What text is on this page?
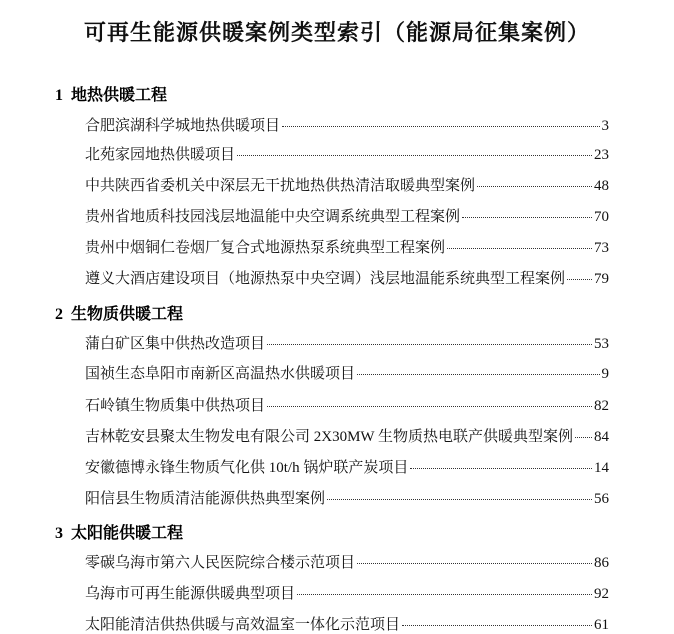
可再生能源供暖案例类型索引（能源局征集案例）
1 地热供暖工程
合肥滨湖科学城地热供暖项目	3
北苑家园地热供暖项目	23
中共陕西省委机关中深层无干扰地热供热清洁取暖典型案例	48
贵州省地质科技园浅层地温能中央空调系统典型工程案例	70
贵州中烟铜仁卷烟厂复合式地源热泵系统典型工程案例	73
遵义大酒店建设项目（地源热泵中央空调）浅层地温能系统典型工程案例 79
2 生物质供暖工程
蒲白矿区集中供热改造项目	53
国祯生态阜阳市南新区高温热水供暖项目	9
石岭镇生物质集中供热项目	82
吉林乾安县聚太生物发电有限公司 2X30MW 生物质热电联产供暖典型案例 84
安徽德博永锋生物质气化供 10t/h 锅炉联产炭项目	14
阳信县生物质清洁能源供热典型案例	56
3 太阳能供暖工程
零碳乌海市第六人民医院综合楼示范项目	86
乌海市可再生能源供暖典型项目	92
太阳能清洁供热供暖与高效温室一体化示范项目	61
